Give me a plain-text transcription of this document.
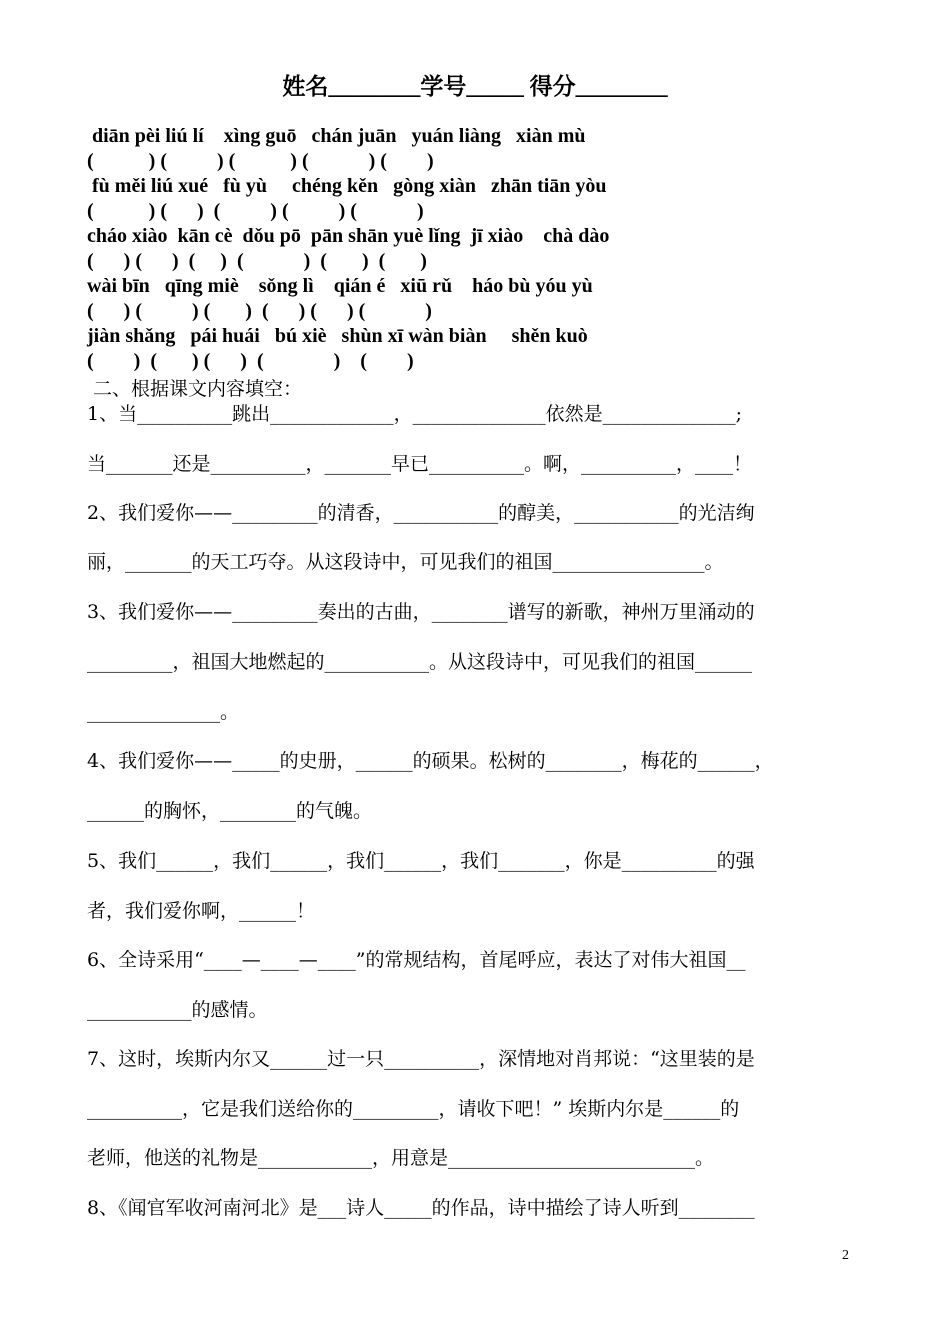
姓名________学号_____ 得分________
diān pèi liú lí    xìng guō   chán juān   yuán liàng   xiàn mù
(           ) (          ) (           ) (            ) (        )
fù měi liú xué   fù yù     chéng kěn   gòng xiàn   zhān tiān yòu
(           ) (      )  (          ) (          ) (            )
cháo xiào  kān cè  dǒu pō  pān shān yuè lǐng  jī xiào    chà dào
(      ) (      )  (     )  (            )  (       )  (       )
wài bīn   qīng miè    sǒng lì    qián é   xiū rǔ    háo bù yóu yù
(      ) (          ) (       )  (      ) (      ) (            )
jiàn shǎng   pái huái   bú xiè   shùn xī wàn biàn     shěn kuò
(        )  (       ) (      )  (              )    (        )
二、根据课文内容填空：
1、当__________跳出_____________，______________依然是______________;
当_______还是__________，_______早已__________。啊，__________，____！
2、我们爱你——_________的清香，___________的醇美，___________的光洁绚
丽，_______的天工巧夺。从这段诗中，可见我们的祖国________________。
3、我们爱你——_________奏出的古曲，________谱写的新歌，神州万里涌动的
_________，祖国大地燃起的___________。从这段诗中，可见我们的祖国______
______________。
4、我们爱你——_____的史册，______的硕果。松树的________，梅花的______，
______的胸怀，________的气魄。
5、我们______，我们______，我们______，我们_______，你是__________的强
者，我们爱你啊，______！
6、全诗采用“____—____—____”的常规结构，首尾呼应，表达了对伟大祖国__
___________的感情。
7、这时，埃斯内尔又______过一只__________，深情地对肖邦说：“这里装的是
__________，它是我们送给你的_________，请收下吧！” 埃斯内尔是______的
老师，他送的礼物是____________，用意是__________________________。
8、《闻官军收河南河北》是___诗人_____的作品，诗中描绘了诗人听到________
2
